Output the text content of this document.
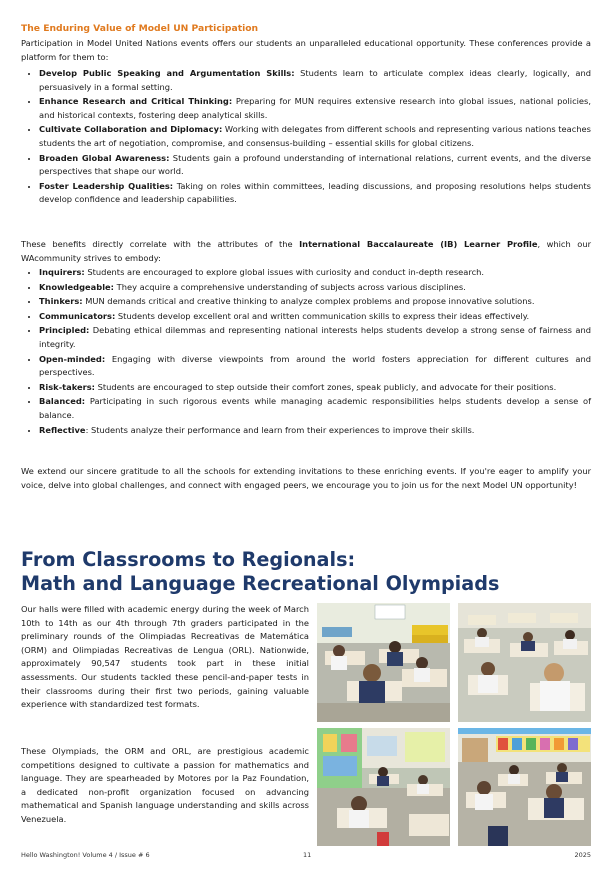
The Enduring Value of Model UN Participation
Participation in Model United Nations events offers our students an unparalleled educational opportunity. These conferences provide a platform for them to:
• Develop Public Speaking and Argumentation Skills: Students learn to articulate complex ideas clearly, logically, and persuasively in a formal setting.
• Enhance Research and Critical Thinking: Preparing for MUN requires extensive research into global issues, national policies, and historical contexts, fostering deep analytical skills.
• Cultivate Collaboration and Diplomacy: Working with delegates from different schools and representing various nations teaches students the art of negotiation, compromise, and consensus-building – essential skills for global citizens.
• Broaden Global Awareness: Students gain a profound understanding of international relations, current events, and the diverse perspectives that shape our world.
• Foster Leadership Qualities: Taking on roles within committees, leading discussions, and proposing resolutions helps students develop confidence and leadership capabilities.
These benefits directly correlate with the attributes of the International Baccalaureate (IB) Learner Profile, which our WAcommunity strives to embody:
• Inquirers: Students are encouraged to explore global issues with curiosity and conduct in-depth research.
• Knowledgeable: They acquire a comprehensive understanding of subjects across various disciplines.
• Thinkers: MUN demands critical and creative thinking to analyze complex problems and propose innovative solutions.
• Communicators: Students develop excellent oral and written communication skills to express their ideas effectively.
• Principled: Debating ethical dilemmas and representing national interests helps students develop a strong sense of fairness and integrity.
• Open-minded: Engaging with diverse viewpoints from around the world fosters appreciation for different cultures and perspectives.
• Risk-takers: Students are encouraged to step outside their comfort zones, speak publicly, and advocate for their positions.
• Balanced: Participating in such rigorous events while managing academic responsibilities helps students develop a sense of balance.
• Reflective: Students analyze their performance and learn from their experiences to improve their skills.
We extend our sincere gratitude to all the schools for extending invitations to these enriching events. If you're eager to amplify your voice, delve into global challenges, and connect with engaged peers, we encourage you to join us for the next Model UN opportunity!
From Classrooms to Regionals:
Math and Language Recreational Olympiads
Our halls were filled with academic energy during the week of March 10th to 14th as our 4th through 7th graders participated in the preliminary rounds of the Olimpiadas Recreativas de Matemática (ORM) and Olimpiadas Recreativas de Lengua (ORL). Nationwide, approximately 90,547 students took part in these initial assessments. Our students tackled these pencil-and-paper tests in their classrooms during their first two periods, gaining valuable experience with standardized test formats.
These Olympiads, the ORM and ORL, are prestigious academic competitions designed to cultivate a passion for mathematics and language. They are spearheaded by Motores por la Paz Foundation, a dedicated non-profit organization focused on advancing mathematical and Spanish language understanding and skills across Venezuela.
Hello Washington! Volume 4 / Issue # 6	11	2025
